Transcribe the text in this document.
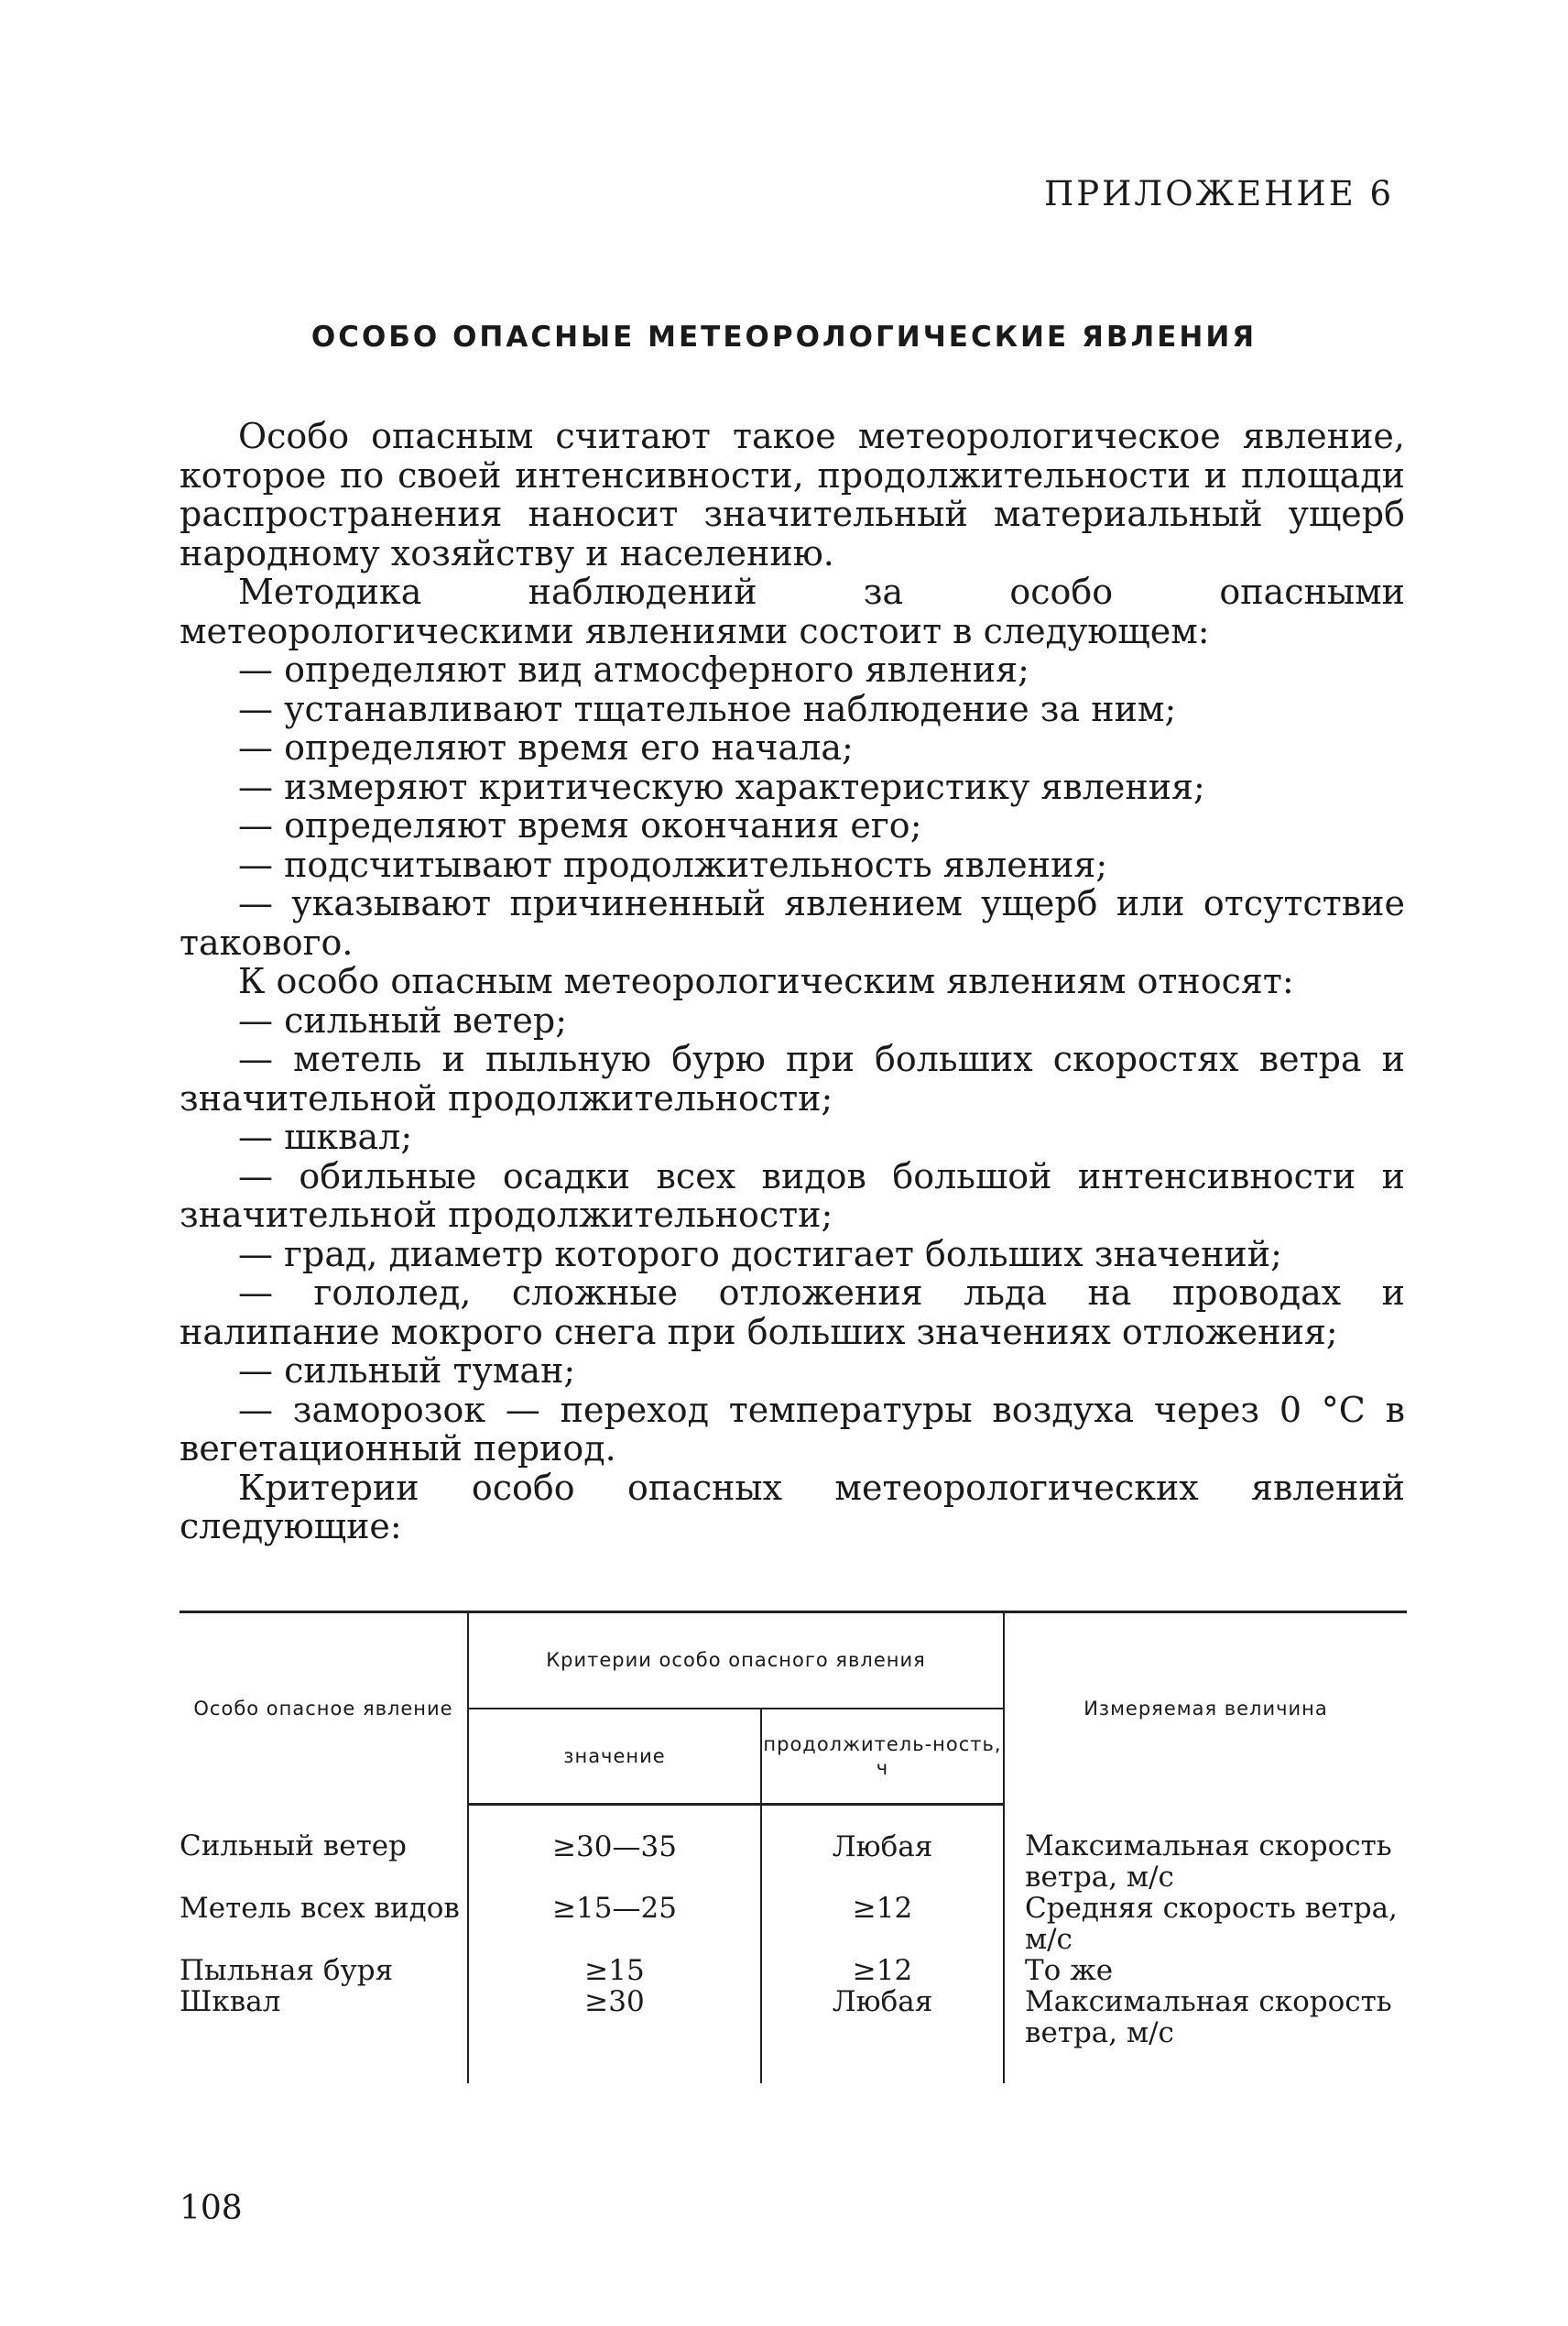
ПРИЛОЖЕНИЕ 6
ОСОБО ОПАСНЫЕ МЕТЕОРОЛОГИЧЕСКИЕ ЯВЛЕНИЯ

Особо опасным считают такое метеорологическое явление, которое по своей интенсивности, продолжительности и площади распространения наносит значительный материальный ущерб народному хозяйству и населению.

Методика наблюдений за особо опасными метеорологическими явлениями состоит в следующем:

— определяют вид атмосферного явления;

— устанавливают тщательное наблюдение за ним;

— определяют время его начала;

— измеряют критическую характеристику явления;

— определяют время окончания его;

— подсчитывают продолжительность явления;

— указывают причиненный явлением ущерб или отсутствие такового.

К особо опасным метеорологическим явлениям относят:

— сильный ветер;

— метель и пыльную бурю при больших скоростях ветра и значительной продолжительности;

— шквал;

— обильные осадки всех видов большой интенсивности и значительной продолжительности;

— град, диаметр которого достигает больших значений;

— гололед, сложные отложения льда на проводах и налипание мокрого снега при больших значениях отложения;

— сильный туман;

— заморозок — переход температуры воздуха через 0 °С в вегетационный период.

Критерии особо опасных метеорологических явлений следующие:

Особо опасное явление	Критерии особо опасного явления		Измеряемая величина
	значение	продолжитель-ность, ч	
Сильный ветер	≥30—35	Любая	Максимальная скорость ветра, м/с
Метель всех видов	≥15—25	≥12	Средняя скорость ветра, м/с
Пыльная буря	≥15	≥12	То же
Шквал	≥30	Любая	Максимальная скорость ветра, м/с
108
